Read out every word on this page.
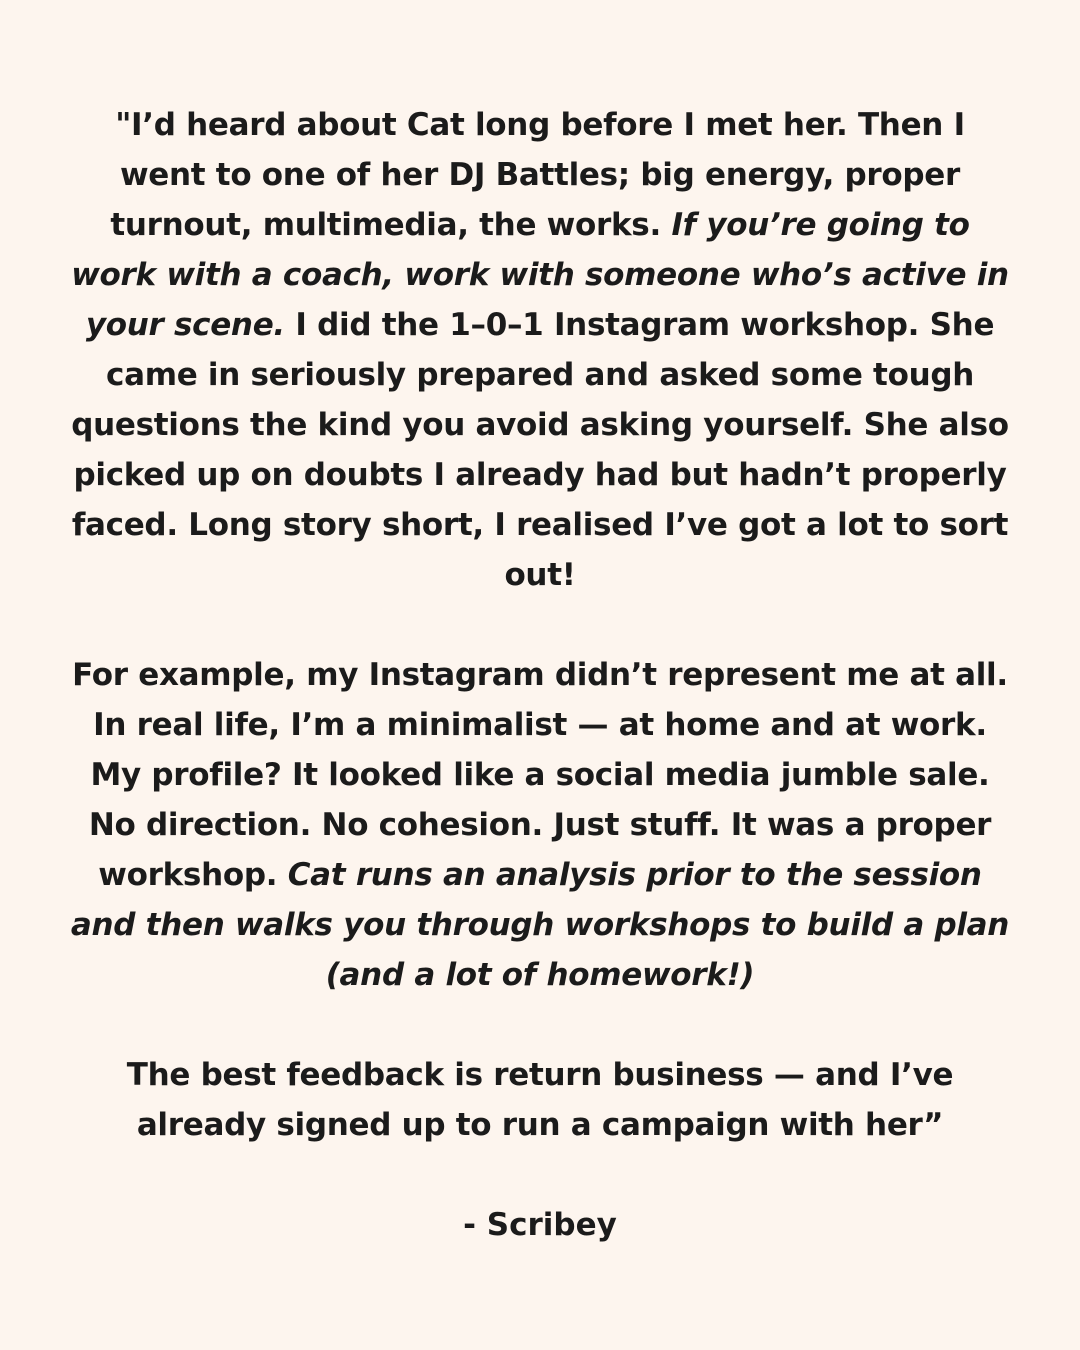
"I’d heard about Cat long before I met her. Then I went to one of her DJ Battles; big energy, proper turnout, multimedia, the works. If you’re going to work with a coach, work with someone who’s active in your scene. I did the 1–0–1 Instagram workshop. She came in seriously prepared and asked some tough questions the kind you avoid asking yourself. She also picked up on doubts I already had but hadn’t properly faced. Long story short, I realised I’ve got a lot to sort out!

For example, my Instagram didn’t represent me at all. In real life, I’m a minimalist — at home and at work. My profile? It looked like a social media jumble sale. No direction. No cohesion. Just stuff. It was a proper workshop. Cat runs an analysis prior to the session and then walks you through workshops to build a plan (and a lot of homework!)

The best feedback is return business — and I’ve already signed up to run a campaign with her”

- Scribey
